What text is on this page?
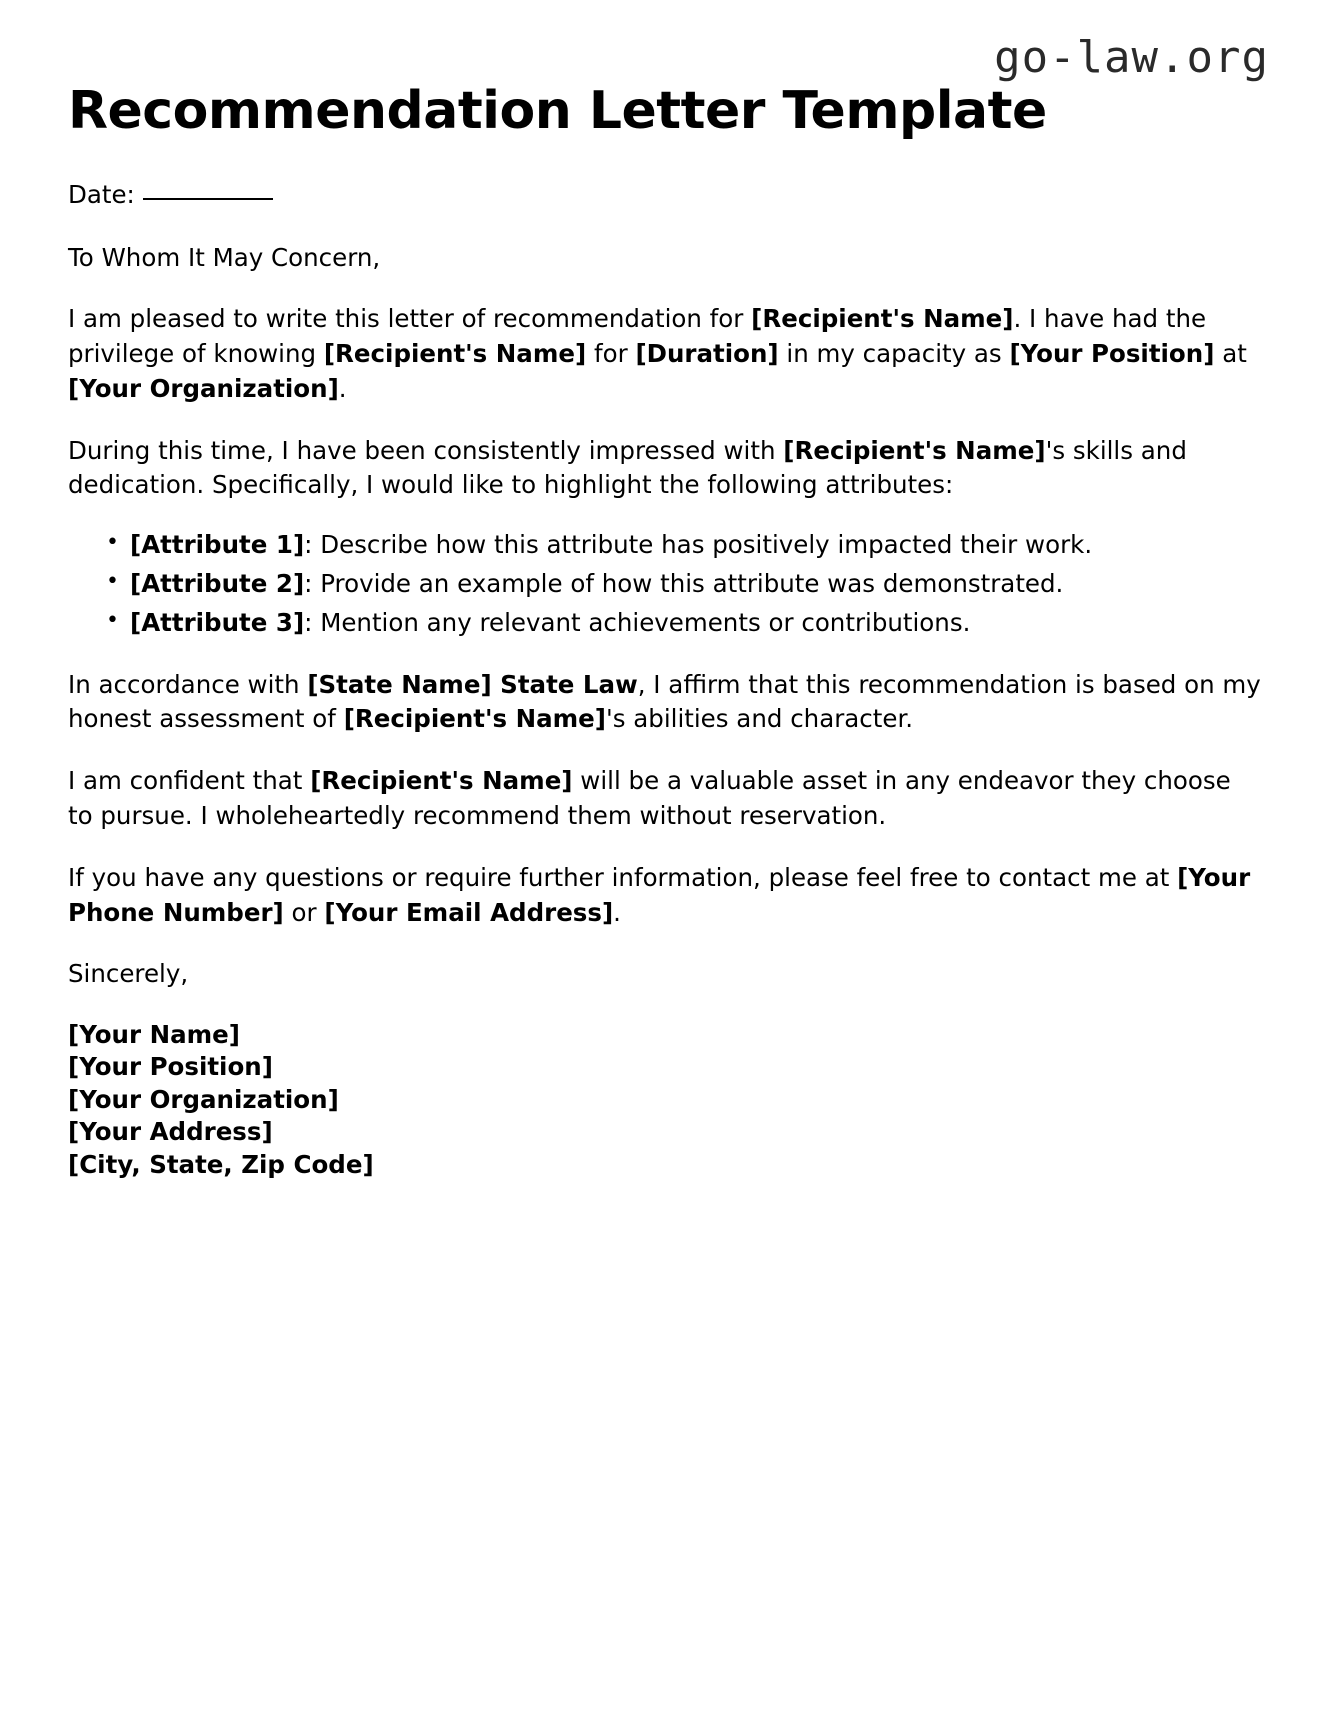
go-law.org
Recommendation Letter Template

Date:

To Whom It May Concern,

I am pleased to write this letter of recommendation for [Recipient's Name]. I have had the privilege of knowing [Recipient's Name] for [Duration] in my capacity as [Your Position] at [Your Organization].

During this time, I have been consistently impressed with [Recipient's Name]'s skills and dedication. Specifically, I would like to highlight the following attributes:

• [Attribute 1]: Describe how this attribute has positively impacted their work.
• [Attribute 2]: Provide an example of how this attribute was demonstrated.
• [Attribute 3]: Mention any relevant achievements or contributions.

In accordance with [State Name] State Law, I affirm that this recommendation is based on my honest assessment of [Recipient's Name]'s abilities and character.

I am confident that [Recipient's Name] will be a valuable asset in any endeavor they choose to pursue. I wholeheartedly recommend them without reservation.

If you have any questions or require further information, please feel free to contact me at [Your Phone Number] or [Your Email Address].

Sincerely,

[Your Name]
[Your Position]
[Your Organization]
[Your Address]
[City, State, Zip Code]
